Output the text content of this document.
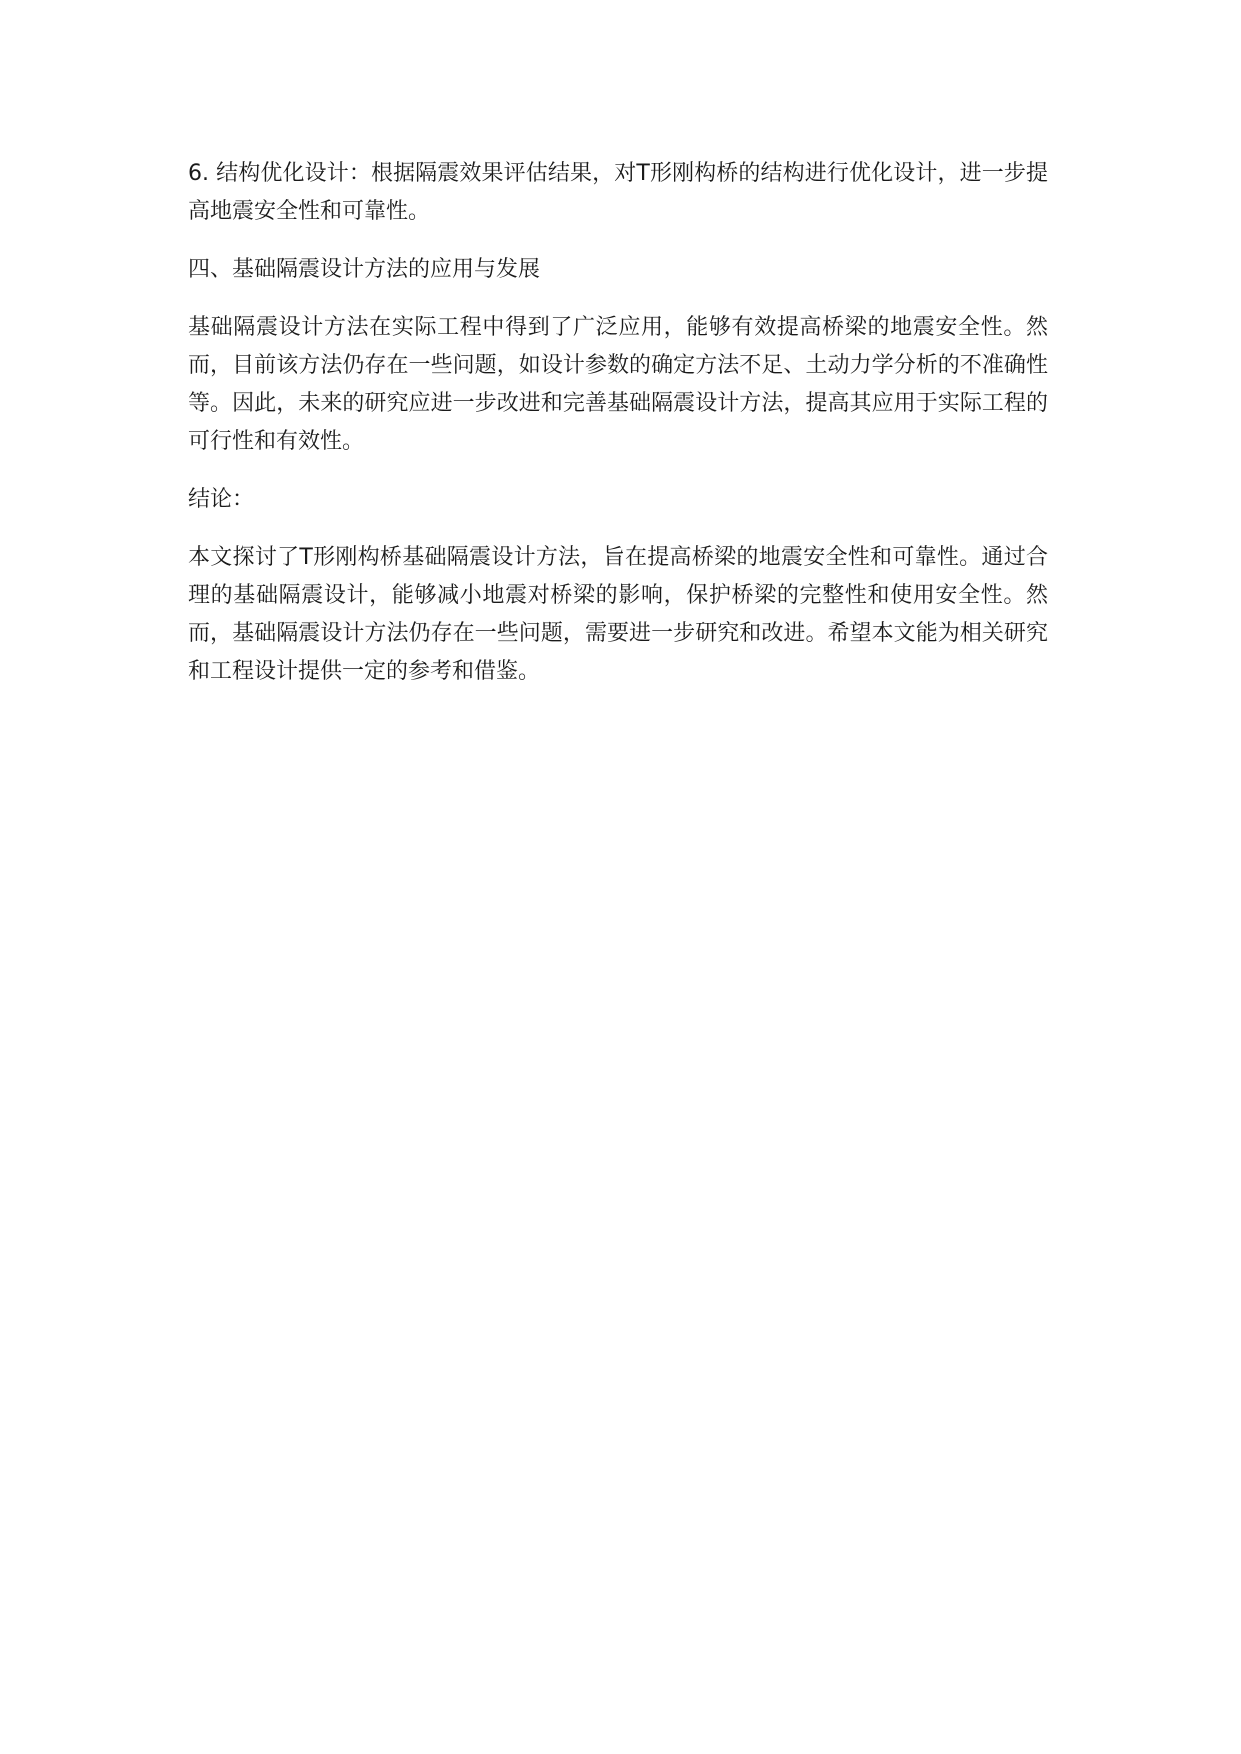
6. 结构优化设计：根据隔震效果评估结果，对T形刚构桥的结构进行优化设计，进一步提高地震安全性和可靠性。

四、基础隔震设计方法的应用与发展

基础隔震设计方法在实际工程中得到了广泛应用，能够有效提高桥梁的地震安全性。然而，目前该方法仍存在一些问题，如设计参数的确定方法不足、土动力学分析的不准确性等。因此，未来的研究应进一步改进和完善基础隔震设计方法，提高其应用于实际工程的可行性和有效性。

结论：

本文探讨了T形刚构桥基础隔震设计方法，旨在提高桥梁的地震安全性和可靠性。通过合理的基础隔震设计，能够减小地震对桥梁的影响，保护桥梁的完整性和使用安全性。然而，基础隔震设计方法仍存在一些问题，需要进一步研究和改进。希望本文能为相关研究和工程设计提供一定的参考和借鉴。
